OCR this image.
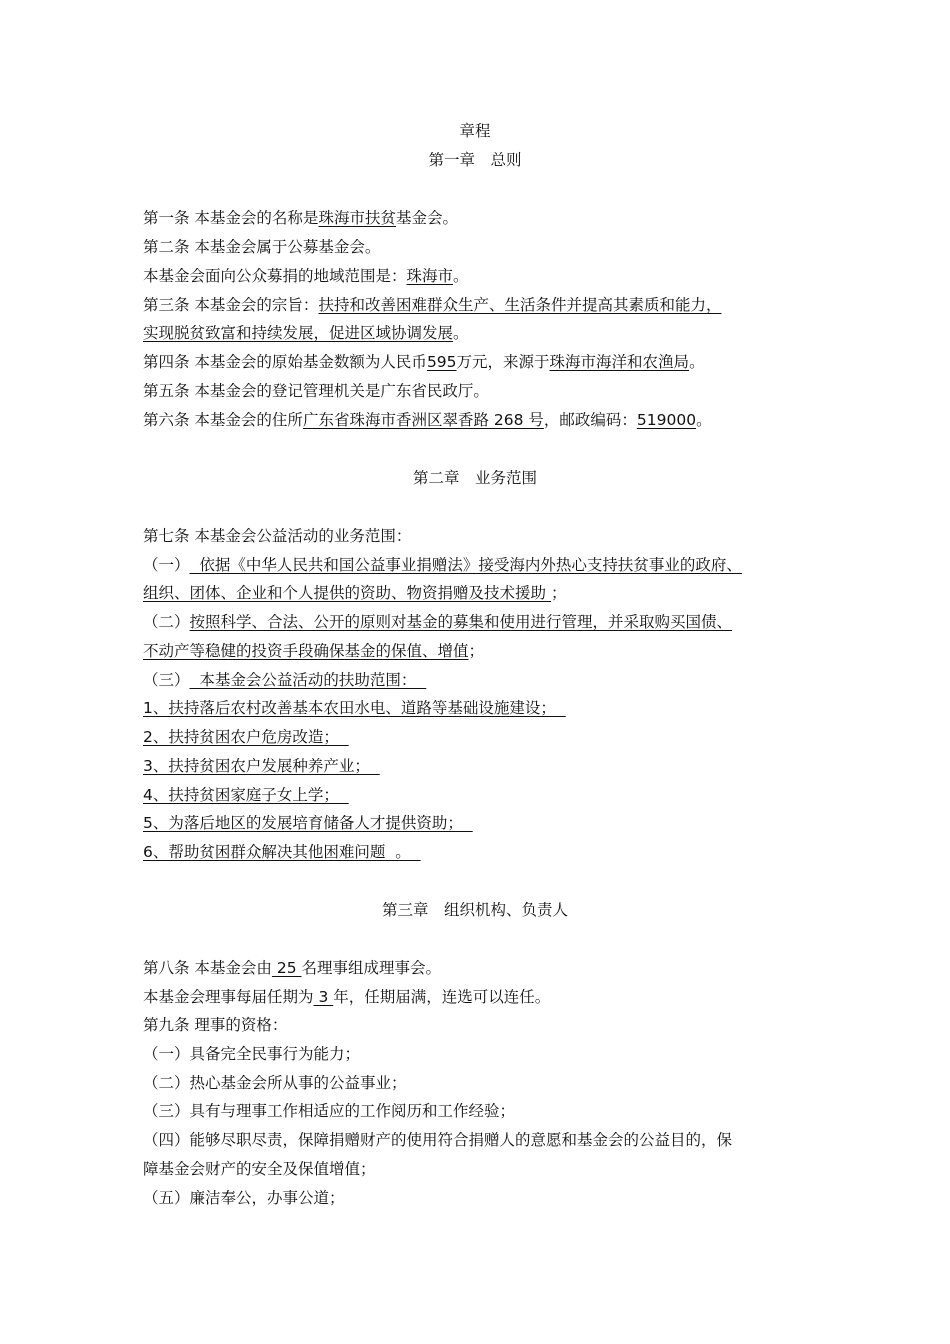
章程
第一章　总则
第一条 本基金会的名称是珠海市扶贫基金会。
第二条 本基金会属于公募基金会。
本基金会面向公众募捐的地域范围是：珠海市。
第三条 本基金会的宗旨：扶持和改善困难群众生产、生活条件并提高其素质和能力，
实现脱贫致富和持续发展，促进区域协调发展。
第四条 本基金会的原始基金数额为人民币595万元，来源于珠海市海洋和农渔局。
第五条 本基金会的登记管理机关是广东省民政厅。
第六条 本基金会的住所广东省珠海市香洲区翠香路 268 号，邮政编码：519000。
第二章　业务范围
第七条 本基金会公益活动的业务范围：
（一）  依据《中华人民共和国公益事业捐赠法》接受海内外热心支持扶贫事业的政府、
组织、团体、企业和个人提供的资助、物资捐赠及技术援助 ；
（二）按照科学、合法、公开的原则对基金的募集和使用进行管理，并采取购买国债、
不动产等稳健的投资手段确保基金的保值、增值；
（三）  本基金会公益活动的扶助范围：
1、扶持落后农村改善基本农田水电、道路等基础设施建设；
2、扶持贫困农户危房改造；
3、扶持贫困农户发展种养产业；
4、扶持贫困家庭子女上学；
5、为落后地区的发展培育储备人才提供资助；
6、帮助贫困群众解决其他困难问题  。
第三章　组织机构、负责人
第八条 本基金会由 25 名理事组成理事会。
本基金会理事每届任期为 3 年，任期届满，连选可以连任。
第九条 理事的资格：
（一）具备完全民事行为能力；
（二）热心基金会所从事的公益事业；
（三）具有与理事工作相适应的工作阅历和工作经验；
（四）能够尽职尽责，保障捐赠财产的使用符合捐赠人的意愿和基金会的公益目的，保
障基金会财产的安全及保值增值；
（五）廉洁奉公，办事公道；
